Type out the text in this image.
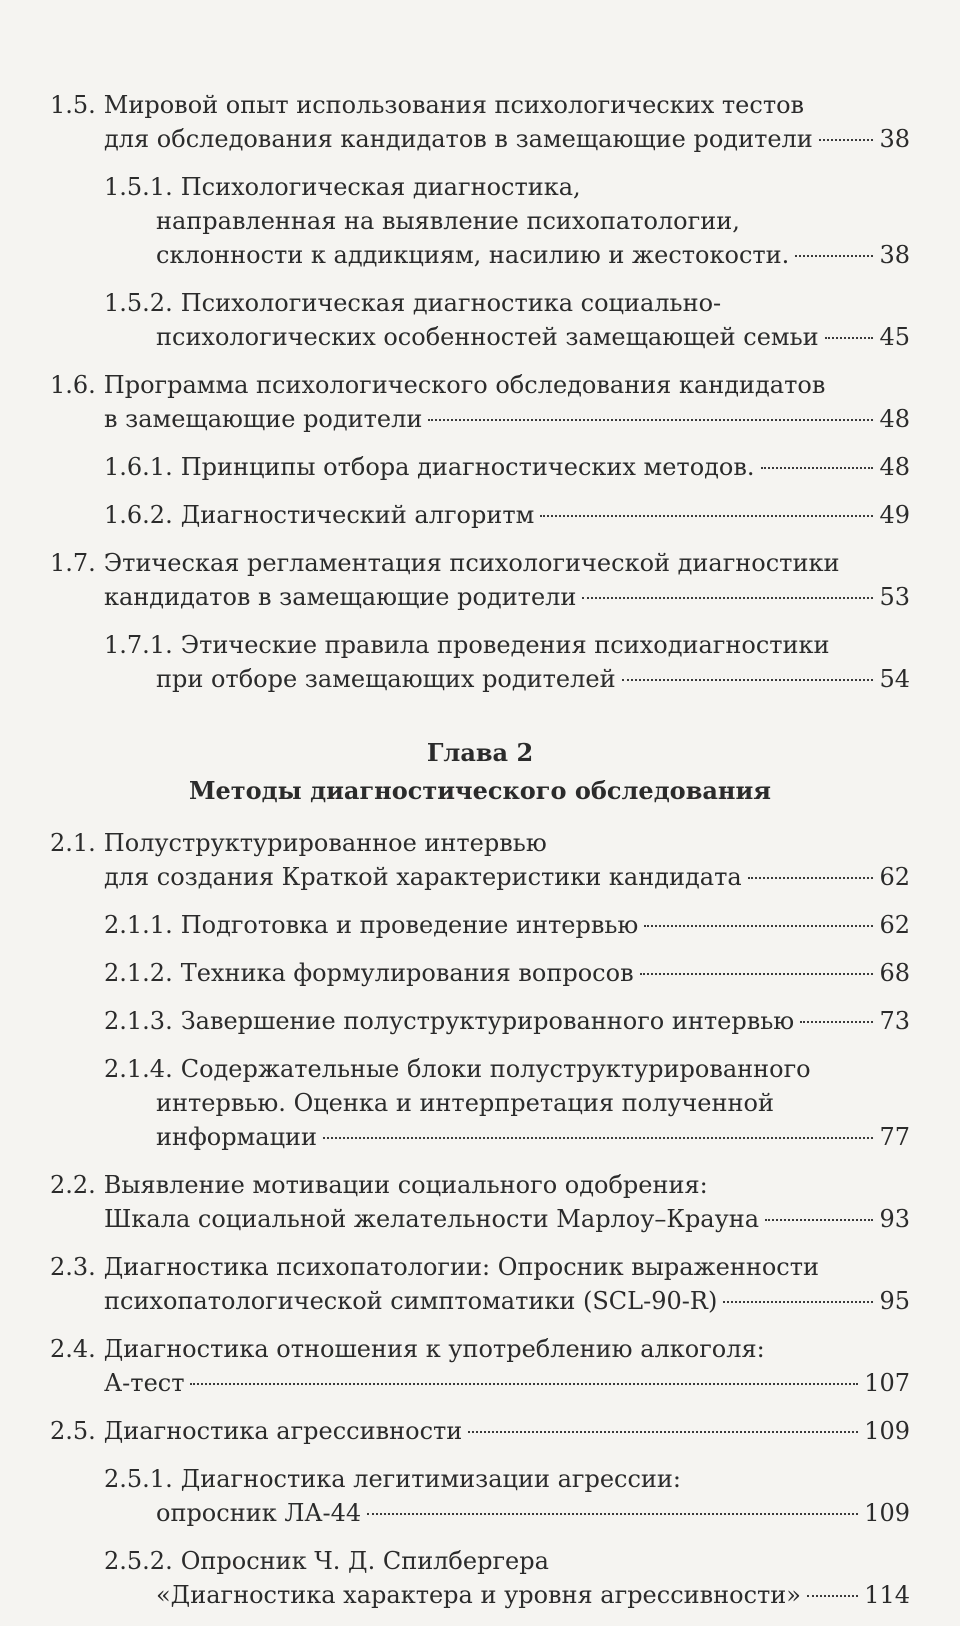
1.5. Мировой опыт использования психологических тестов
для обследования кандидатов в замещающие родители	38
1.5.1. Психологическая диагностика,
направленная на выявление психопатологии,
склонности к аддикциям, насилию и жестокости.	38
1.5.2. Психологическая диагностика социально-
психологических особенностей замещающей семьи	45
1.6. Программа психологического обследования кандидатов
в замещающие родители	48
1.6.1. Принципы отбора диагностических методов.	48
1.6.2. Диагностический алгоритм	49
1.7. Этическая регламентация психологической диагностики
кандидатов в замещающие родители	53
1.7.1. Этические правила проведения психодиагностики
при отборе замещающих родителей	54
Глава 2
Методы диагностического обследования
2.1. Полуструктурированное интервью
для создания Краткой характеристики кандидата	62
2.1.1. Подготовка и проведение интервью	62
2.1.2. Техника формулирования вопросов	68
2.1.3. Завершение полуструктурированного интервью	73
2.1.4. Содержательные блоки полуструктурированного
интервью. Оценка и интерпретация полученной
информации	77
2.2. Выявление мотивации социального одобрения:
Шкала социальной желательности Марлоу–Крауна	93
2.3. Диагностика психопатологии: Опросник выраженности
психопатологической симптоматики (SCL-90-R)	95
2.4. Диагностика отношения к употреблению алкоголя:
А-тест	107
2.5. Диагностика агрессивности	109
2.5.1. Диагностика легитимизации агрессии:
опросник ЛА-44	109
2.5.2. Опросник Ч. Д. Спилбергера
«Диагностика характера и уровня агрессивности»	114
